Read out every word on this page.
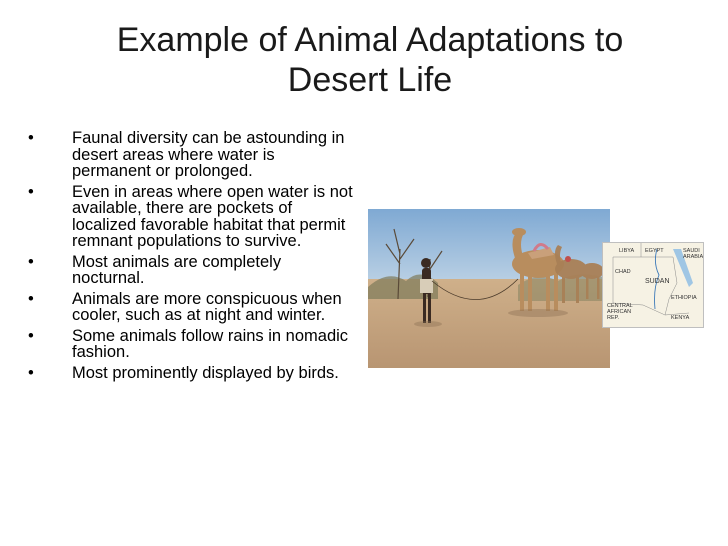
Example of Animal Adaptations to
Desert Life
•	Faunal diversity can be astounding in desert areas where water is permanent or prolonged.
•	Even in areas where open water is not available, there are pockets of localized favorable habitat that permit remnant populations to survive.
•	Most animals are completely nocturnal.
•	Animals are more conspicuous when cooler, such as at night and winter.
•	Some animals follow rains in nomadic fashion.
•	Most prominently displayed by birds.
LIBYA EGYPT	SAUDI ARABIA
CHAD
SUDAN
ETHIOPIA
CENTRAL AFRICAN REP.	KENYA
